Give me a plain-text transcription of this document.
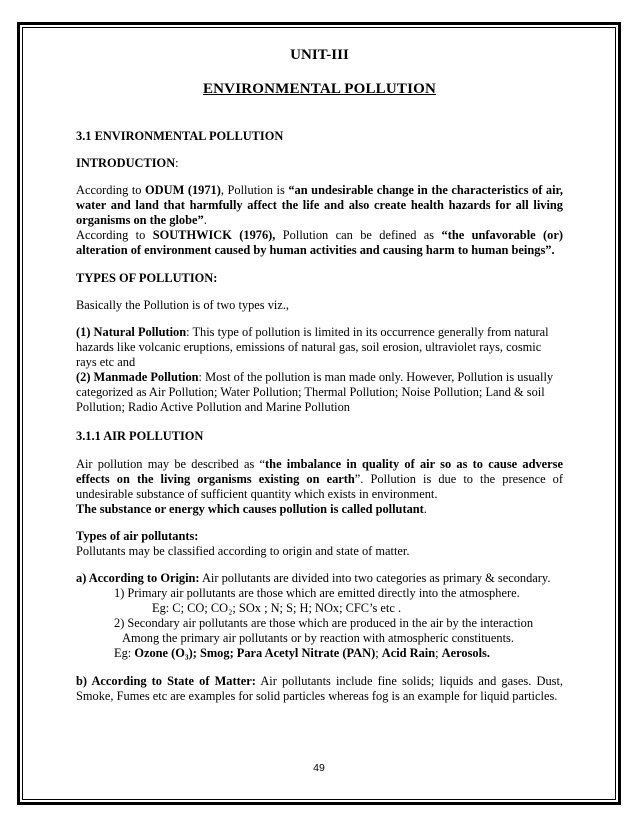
UNIT-III

ENVIRONMENTAL POLLUTION

3.1 ENVIRONMENTAL POLLUTION

INTRODUCTION:

According to ODUM (1971), Pollution is “an undesirable change in the characteristics of air, water and land that harmfully affect the life and also create health hazards for all living organisms on the globe”.

According to SOUTHWICK (1976), Pollution can be defined as “the unfavorable (or) alteration of environment caused by human activities and causing harm to human beings”.

TYPES OF POLLUTION:

Basically the Pollution is of two types viz.,

(1) Natural Pollution: This type of pollution is limited in its occurrence generally from natural hazards like volcanic eruptions, emissions of natural gas, soil erosion, ultraviolet rays, cosmic rays etc and

(2) Manmade Pollution: Most of the pollution is man made only. However, Pollution is usually categorized as Air Pollution; Water Pollution; Thermal Pollution; Noise Pollution; Land & soil Pollution; Radio Active Pollution and Marine Pollution

3.1.1 AIR POLLUTION

Air pollution may be described as “the imbalance in quality of air so as to cause adverse effects on the living organisms existing on earth”. Pollution is due to the presence of undesirable substance of sufficient quantity which exists in environment.

The substance or energy which causes pollution is called pollutant.

Types of air pollutants:

Pollutants may be classified according to origin and state of matter.

a) According to Origin: Air pollutants are divided into two categories as primary & secondary.

1) Primary air pollutants are those which are emitted directly into the atmosphere.

Eg: C; CO; CO₂; SOx ; N; S; H; NOx; CFC’s etc .

2) Secondary air pollutants are those which are produced in the air by the interaction

Among the primary air pollutants or by reaction with atmospheric constituents.

Eg: Ozone (O₃); Smog; Para Acetyl Nitrate (PAN); Acid Rain; Aerosols.

b) According to State of Matter: Air pollutants include fine solids; liquids and gases. Dust, Smoke, Fumes etc are examples for solid particles whereas fog is an example for liquid particles.

49
